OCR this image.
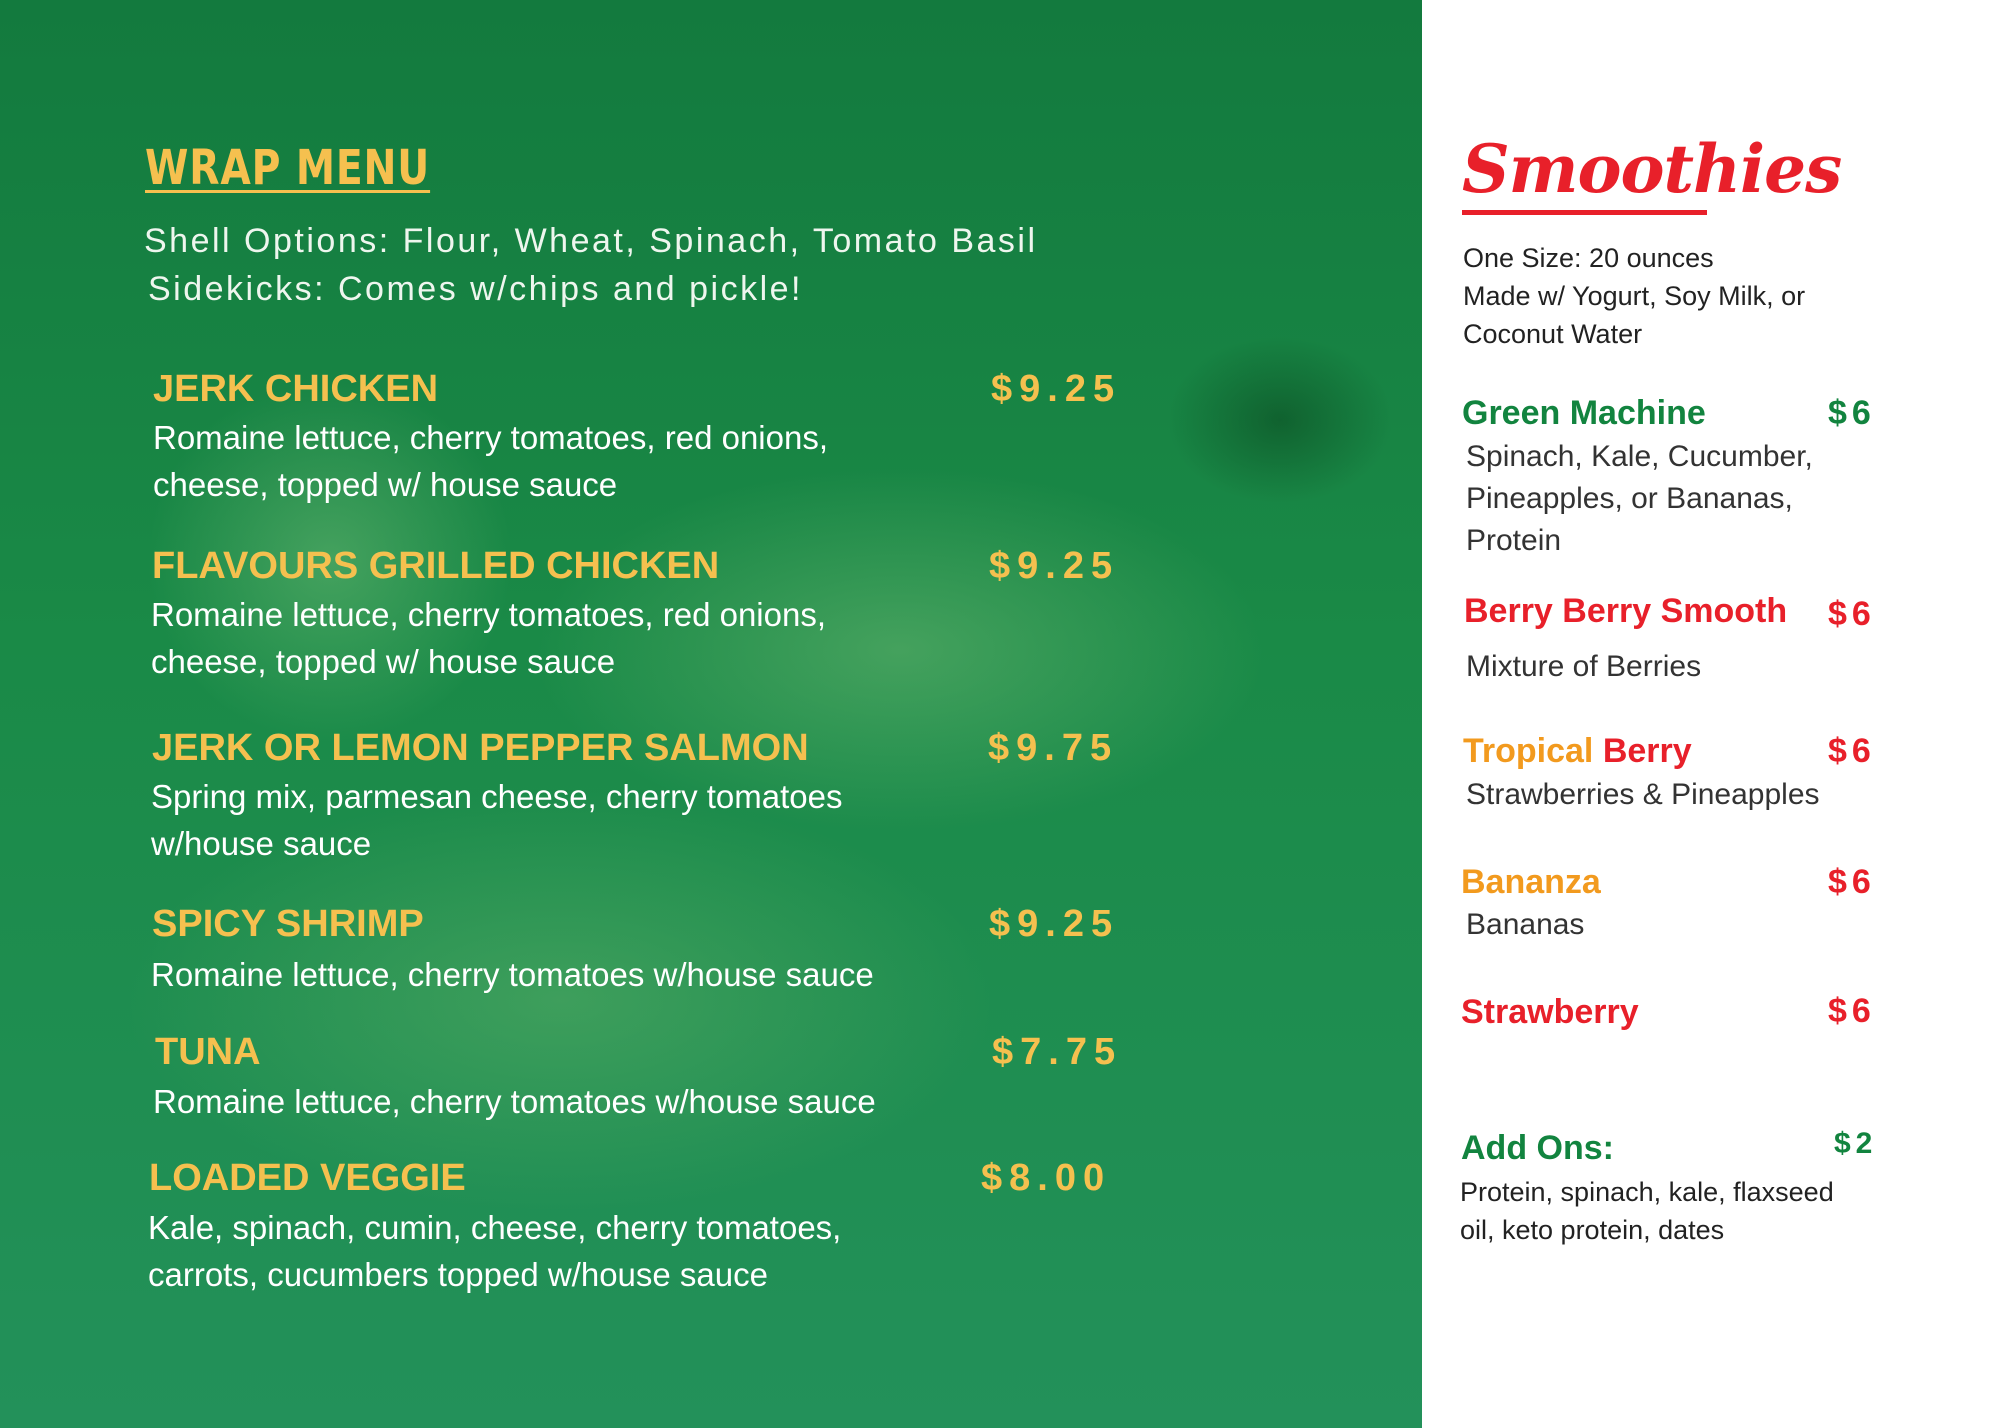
WRAP MENU
Shell Options: Flour, Wheat, Spinach, Tomato Basil
Sidekicks: Comes w/chips and pickle!
JERK CHICKEN	$9.25
Romaine lettuce, cherry tomatoes, red onions,
cheese, topped w/ house sauce
FLAVOURS GRILLED CHICKEN	$9.25
Romaine lettuce, cherry tomatoes, red onions,
cheese, topped w/ house sauce
JERK OR LEMON PEPPER SALMON	$9.75
Spring mix, parmesan cheese, cherry tomatoes
w/house sauce
SPICY SHRIMP	$9.25
Romaine lettuce, cherry tomatoes w/house sauce
TUNA	$7.75
Romaine lettuce, cherry tomatoes w/house sauce
LOADED VEGGIE	$8.00
Kale, spinach, cumin, cheese, cherry tomatoes,
carrots, cucumbers topped w/house sauce
Smoothies
One Size: 20 ounces
Made w/ Yogurt, Soy Milk, or
Coconut Water
Green Machine	$6
Spinach, Kale, Cucumber,
Pineapples, or Bananas,
Protein
Berry Berry Smooth $6
Mixture of Berries
Tropical Berry	$6
Strawberries & Pineapples
Bananza	$6
Bananas
Strawberry	$6
Add Ons:	$2
Protein, spinach, kale, flaxseed
oil, keto protein, dates
